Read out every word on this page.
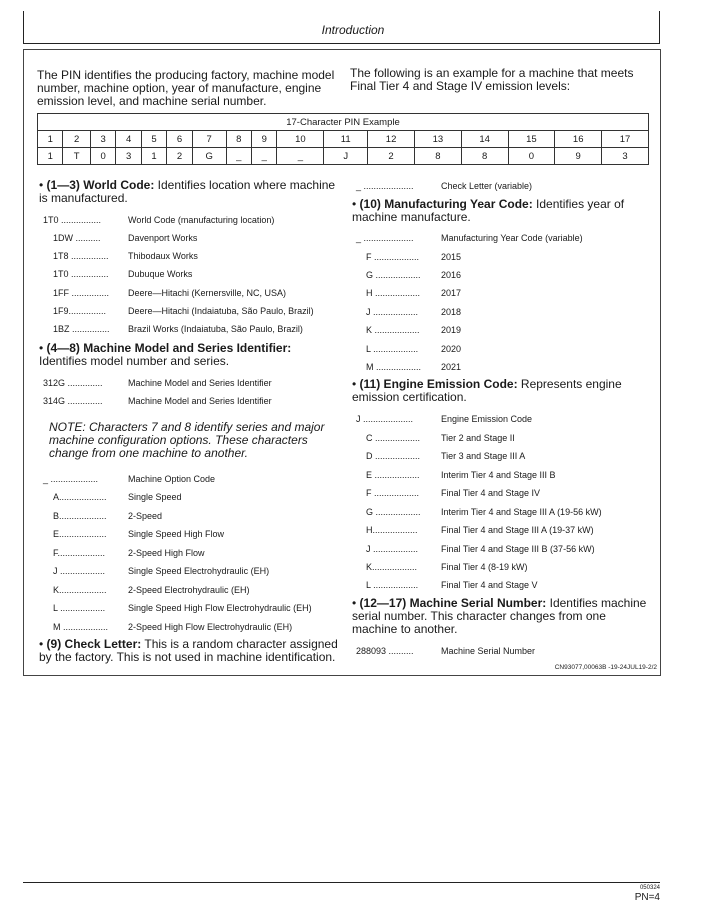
Introduction
The PIN identifies the producing factory, machine model number, machine option, year of manufacture, engine emission level, and machine serial number.
The following is an example for a machine that meets Final Tier 4 and Stage IV emission levels:
17-Character PIN Example																
1	2	3	4	5	6	7	8	9	10	11	12	13	14	15	16	17
1	T	0	3	1	2	G	_	_	_	J	2	8	8	0	9	3
• (1—3) World Code: Identifies location where machine is manufactured.
1T0 ................	World Code (manufacturing location)
1DW ..........	Davenport Works
1T8 ............... Thibodaux Works
1T0 ............... Dubuque Works
1FF ............... Deere—Hitachi (Kernersville, NC, USA)
1F9............... Deere—Hitachi (Indaiatuba, São Paulo, Brazil)
1BZ ............... Brazil Works (Indaiatuba, São Paulo, Brazil)
• (4—8) Machine Model and Series Identifier: Identifies model number and series.
312G ..............	Machine Model and Series Identifier
314G ..............	Machine Model and Series Identifier
NOTE: Characters 7 and 8 identify series and major machine configuration options. These characters change from one machine to another.
_ ...................	Machine Option Code
A................... Single Speed
B................... 2-Speed
E................... Single Speed High Flow
F...................	2-Speed High Flow
J ..................	Single Speed Electrohydraulic (EH)
K................... 2-Speed Electrohydraulic (EH)
L ..................	Single Speed High Flow Electrohydraulic (EH)
M .................. 2-Speed High Flow Electrohydraulic (EH)
• (9) Check Letter: This is a random character assigned by the factory. This is not used in machine identification.
_ ....................	Check Letter (variable)
• (10) Manufacturing Year Code: Identifies year of machine manufacture.
_ ....................	Manufacturing Year Code (variable)
F .................. 2015
G .................. 2016
H .................. 2017
J ..................	2018
K .................. 2019
L ..................	2020
M .................. 2021
• (11) Engine Emission Code: Represents engine emission certification.
J ....................	Engine Emission Code
C .................. Tier 2 and Stage II
D .................. Tier 3 and Stage III A
E .................. Interim Tier 4 and Stage III B
F .................. Final Tier 4 and Stage IV
G .................. Interim Tier 4 and Stage III A (19-56 kW)
H..................	Final Tier 4 and Stage III A (19-37 kW)
J ..................	Final Tier 4 and Stage III B (37-56 kW)
K..................	Final Tier 4 (8-19 kW)
L ..................	Final Tier 4 and Stage V
• (12—17) Machine Serial Number: Identifies machine serial number. This character changes from one machine to another.
288093 ..........	Machine Serial Number
CN93077,00063B -19-24JUL19-2/2
050324
PN=4
